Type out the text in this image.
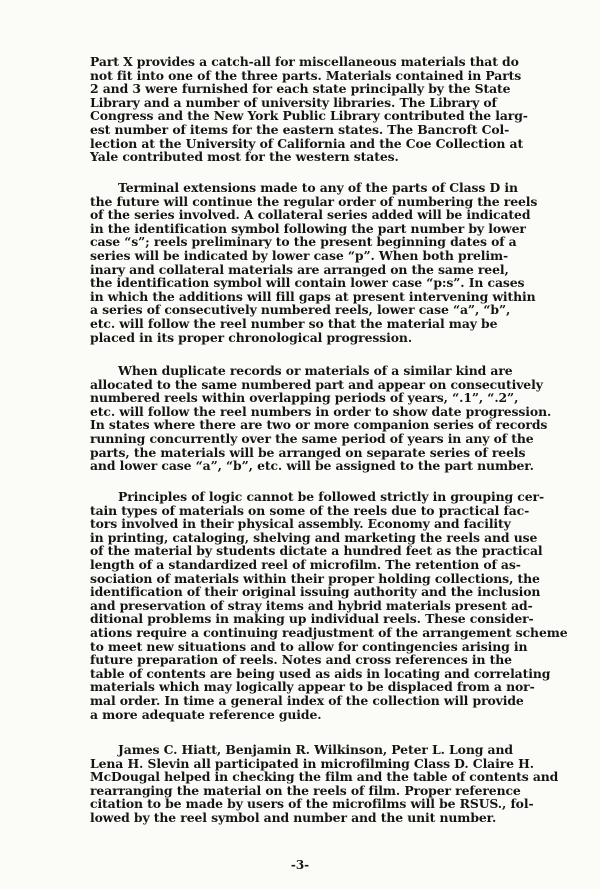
Part X provides a catch-all for miscellaneous materials that do
not fit into one of the three parts. Materials contained in Parts
2 and 3 were furnished for each state principally by the State
Library and a number of university libraries. The Library of
Congress and the New York Public Library contributed the larg-
est number of items for the eastern states. The Bancroft Col-
lection at the University of California and the Coe Collection at
Yale contributed most for the western states.
Terminal extensions made to any of the parts of Class D in
the future will continue the regular order of numbering the reels
of the series involved. A collateral series added will be indicated
in the identification symbol following the part number by lower
case “s”; reels preliminary to the present beginning dates of a
series will be indicated by lower case “p”. When both prelim-
inary and collateral materials are arranged on the same reel,
the identification symbol will contain lower case “p:s”. In cases
in which the additions will fill gaps at present intervening within
a series of consecutively numbered reels, lower case “a”, “b”,
etc. will follow the reel number so that the material may be
placed in its proper chronological progression.
When duplicate records or materials of a similar kind are
allocated to the same numbered part and appear on consecutively
numbered reels within overlapping periods of years, “.1”, “.2”,
etc. will follow the reel numbers in order to show date progression.
In states where there are two or more companion series of records
running concurrently over the same period of years in any of the
parts, the materials will be arranged on separate series of reels
and lower case “a”, “b”, etc. will be assigned to the part number.
Principles of logic cannot be followed strictly in grouping cer-
tain types of materials on some of the reels due to practical fac-
tors involved in their physical assembly. Economy and facility
in printing, cataloging, shelving and marketing the reels and use
of the material by students dictate a hundred feet as the practical
length of a standardized reel of microfilm. The retention of as-
sociation of materials within their proper holding collections, the
identification of their original issuing authority and the inclusion
and preservation of stray items and hybrid materials present ad-
ditional problems in making up individual reels. These consider-
ations require a continuing readjustment of the arrangement scheme
to meet new situations and to allow for contingencies arising in
future preparation of reels. Notes and cross references in the
table of contents are being used as aids in locating and correlating
materials which may logically appear to be displaced from a nor-
mal order. In time a general index of the collection will provide
a more adequate reference guide.
James C. Hiatt, Benjamin R. Wilkinson, Peter L. Long and
Lena H. Slevin all participated in microfilming Class D. Claire H.
McDougal helped in checking the film and the table of contents and
rearranging the material on the reels of film. Proper reference
citation to be made by users of the microfilms will be RSUS., fol-
lowed by the reel symbol and number and the unit number.
-3-
